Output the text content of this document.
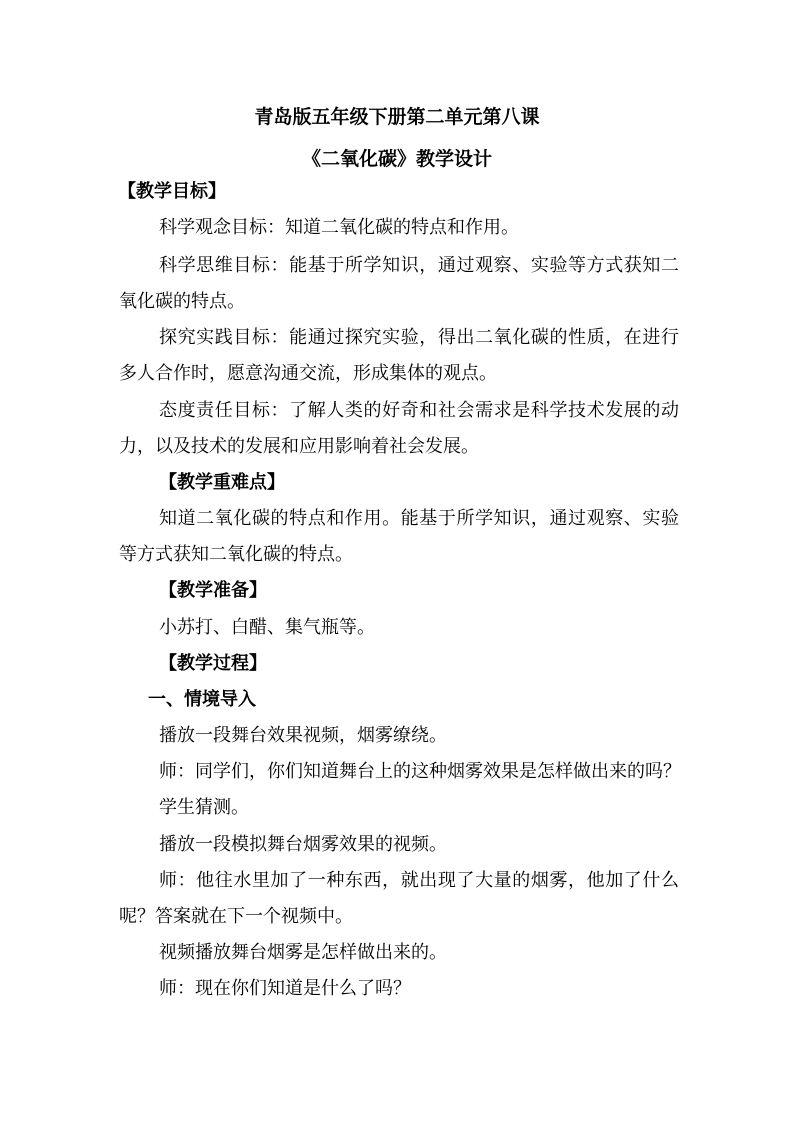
青岛版五年级下册第二单元第八课
《二氧化碳》教学设计
【教学目标】
科学观念目标：知道二氧化碳的特点和作用。
科学思维目标：能基于所学知识，通过观察、实验等方式获知二
氧化碳的特点。
探究实践目标：能通过探究实验，得出二氧化碳的性质，在进行
多人合作时，愿意沟通交流，形成集体的观点。
态度责任目标：了解人类的好奇和社会需求是科学技术发展的动
力，以及技术的发展和应用影响着社会发展。
【教学重难点】
知道二氧化碳的特点和作用。能基于所学知识，通过观察、实验
等方式获知二氧化碳的特点。
【教学准备】
小苏打、白醋、集气瓶等。
【教学过程】
一、情境导入
播放一段舞台效果视频，烟雾缭绕。
师：同学们，你们知道舞台上的这种烟雾效果是怎样做出来的吗？
学生猜测。
播放一段模拟舞台烟雾效果的视频。
师：他往水里加了一种东西，就出现了大量的烟雾，他加了什么
呢？答案就在下一个视频中。
视频播放舞台烟雾是怎样做出来的。
师：现在你们知道是什么了吗？
